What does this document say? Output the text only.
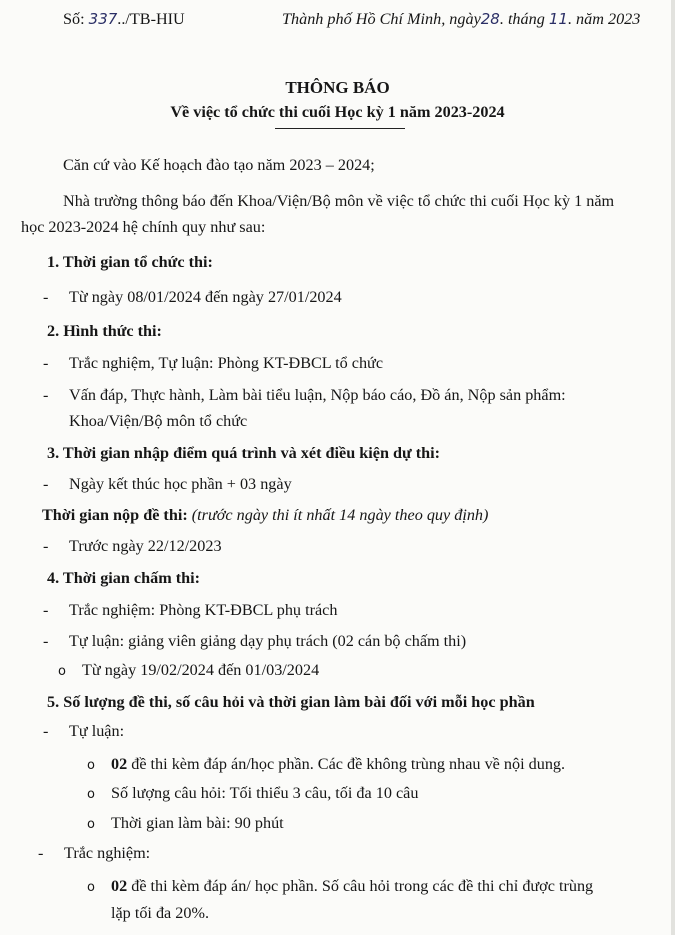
Số: 337../TB-HIU	Thành phố Hồ Chí Minh, ngày28. tháng 11. năm 2023
THÔNG BÁO
Về việc tổ chức thi cuối Học kỳ 1 năm 2023-2024
Căn cứ vào Kế hoạch đào tạo năm 2023 – 2024;
Nhà trường thông báo đến Khoa/Viện/Bộ môn về việc tổ chức thi cuối Học kỳ 1 năm
học 2023-2024 hệ chính quy như sau:
1. Thời gian tổ chức thi:
- Từ ngày 08/01/2024 đến ngày 27/01/2024
2. Hình thức thi:
- Trắc nghiệm, Tự luận: Phòng KT-ĐBCL tổ chức
- Vấn đáp, Thực hành, Làm bài tiểu luận, Nộp báo cáo, Đồ án, Nộp sản phẩm:
Khoa/Viện/Bộ môn tổ chức
3. Thời gian nhập điểm quá trình và xét điều kiện dự thi:
- Ngày kết thúc học phần + 03 ngày
Thời gian nộp đề thi: (trước ngày thi ít nhất 14 ngày theo quy định)
- Trước ngày 22/12/2023
4. Thời gian chấm thi:
- Trắc nghiệm: Phòng KT-ĐBCL phụ trách
- Tự luận: giảng viên giảng dạy phụ trách (02 cán bộ chấm thi)
o Từ ngày 19/02/2024 đến 01/03/2024
5. Số lượng đề thi, số câu hỏi và thời gian làm bài đối với mỗi học phần
- Tự luận:
o 02 đề thi kèm đáp án/học phần. Các đề không trùng nhau về nội dung.
o Số lượng câu hỏi: Tối thiểu 3 câu, tối đa 10 câu
o Thời gian làm bài: 90 phút
- Trắc nghiệm:
o 02 đề thi kèm đáp án/ học phần. Số câu hỏi trong các đề thi chỉ được trùng
lặp tối đa 20%.
